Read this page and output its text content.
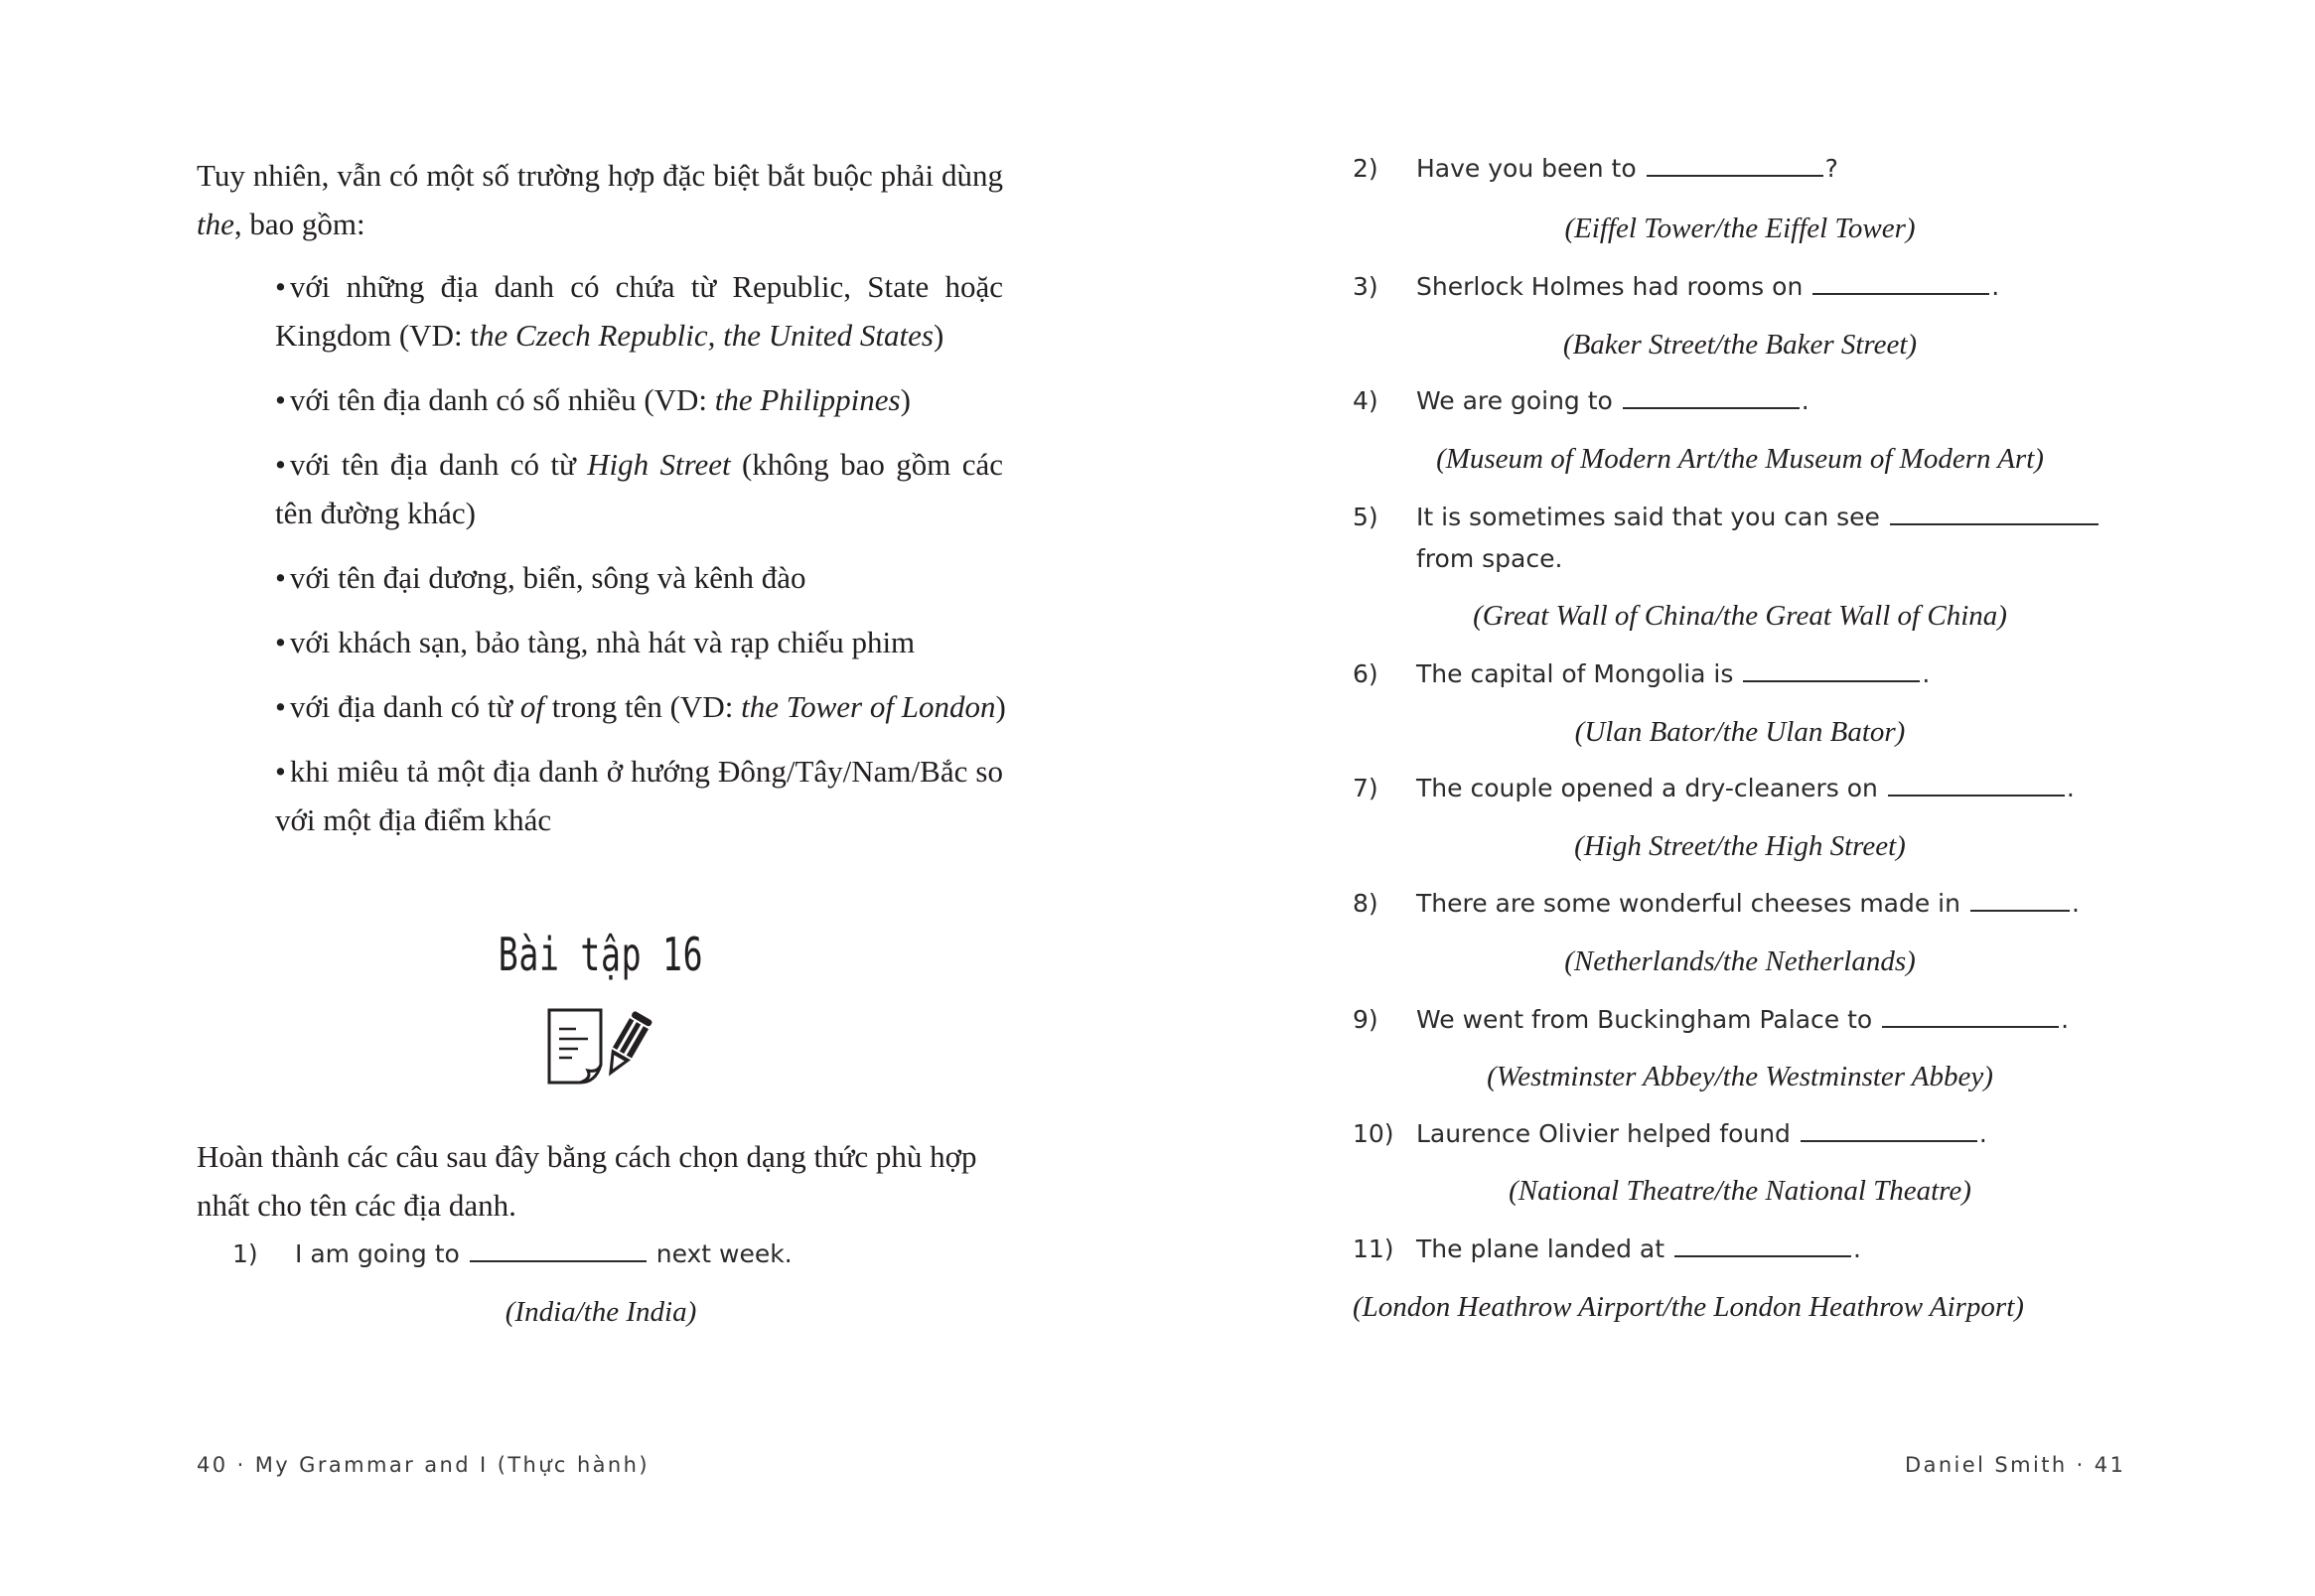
Tuy nhiên, vẫn có một số trường hợp đặc biệt bắt buộc phải dùng the, bao gồm:
• với những địa danh có chứa từ Republic, State hoặc Kingdom (VD: the Czech Republic, the United States)
• với tên địa danh có số nhiều (VD: the Philippines)
• với tên địa danh có từ High Street (không bao gồm các tên đường khác)
• với tên đại dương, biển, sông và kênh đào
• với khách sạn, bảo tàng, nhà hát và rạp chiếu phim
• với địa danh có từ of trong tên (VD: the Tower of London)
• khi miêu tả một địa danh ở hướng Đông/Tây/Nam/Bắc so với một địa điểm khác
Bài tập 16
Hoàn thành các câu sau đây bằng cách chọn dạng thức phù hợp nhất cho tên các địa danh.
1) I am going to	next week.
(India/the India)
40 · My Grammar and I (Thực hành)
2) Have you been to	?
(Eiffel Tower/the Eiffel Tower)
3) Sherlock Holmes had rooms on	.
(Baker Street/the Baker Street)
4) We are going to	.
(Museum of Modern Art/the Museum of Modern Art)
5) It is sometimes said that you can see
from space.
(Great Wall of China/the Great Wall of China)
6) The capital of Mongolia is	.
(Ulan Bator/the Ulan Bator)
7) The couple opened a dry-cleaners on	.
(High Street/the High Street)
8) There are some wonderful cheeses made in	.
(Netherlands/the Netherlands)
9) We went from Buckingham Palace to	.
(Westminster Abbey/the Westminster Abbey)
10) Laurence Olivier helped found	.
(National Theatre/the National Theatre)
11) The plane landed at	.
(London Heathrow Airport/the London Heathrow Airport)
Daniel Smith · 41
